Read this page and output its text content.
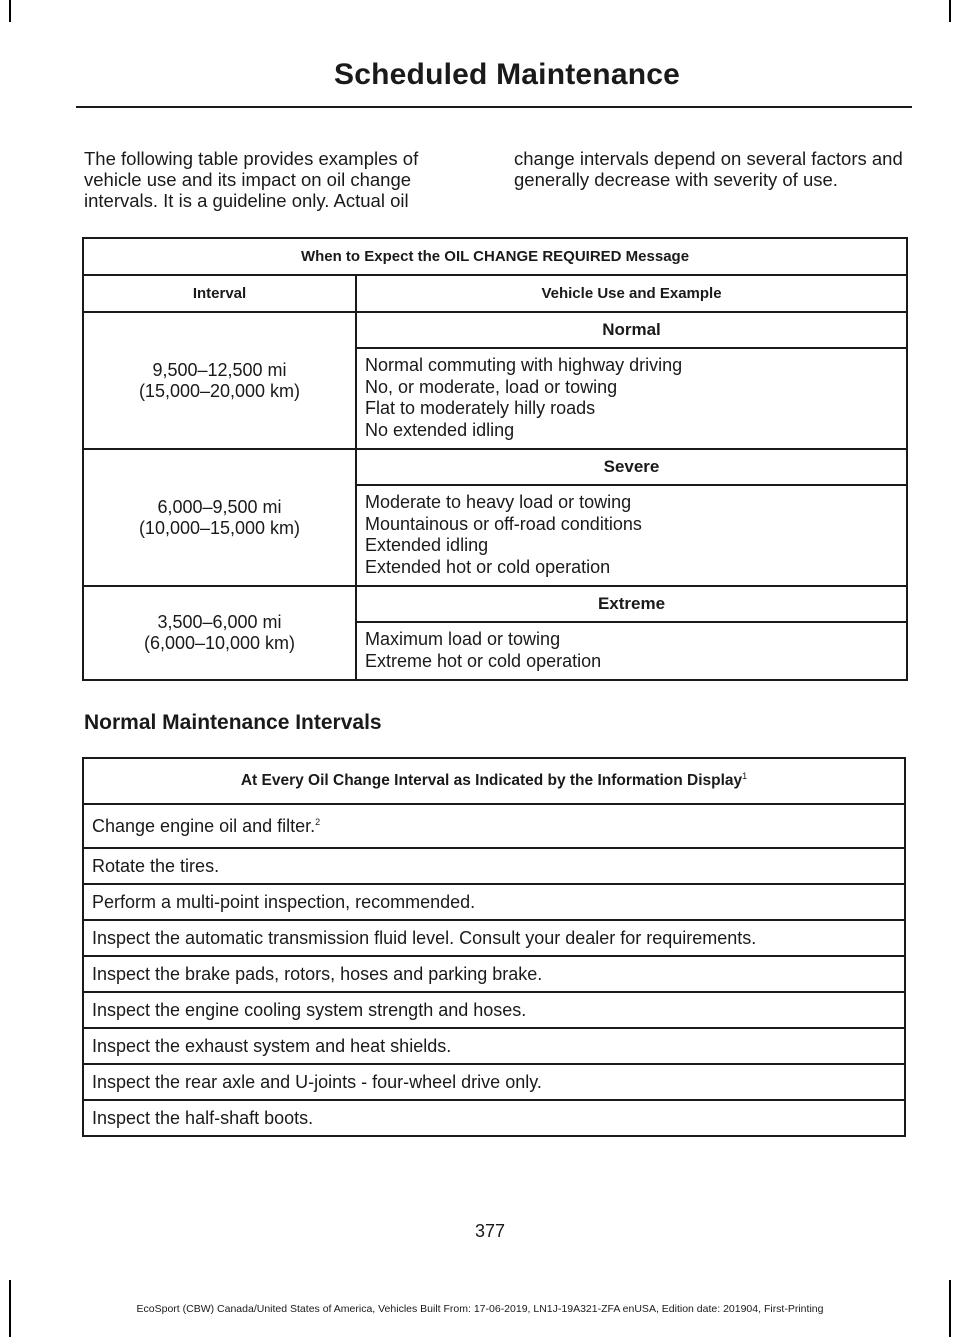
Scheduled Maintenance

The following table provides examples of vehicle use and its impact on oil change intervals. It is a guideline only. Actual oil

change intervals depend on several factors and generally decrease with severity of use.

When to Expect the OIL CHANGE REQUIRED Message	
Interval	Vehicle Use and Example

9,500–12,500 mi
(15,000–20,000 km)	Normal

	Normal commuting with highway driving
No, or moderate, load or towing
Flat to moderately hilly roads
No extended idling

6,000–9,500 mi
(10,000–15,000 km)	Severe

	Moderate to heavy load or towing
Mountainous or off-road conditions
Extended idling
Extended hot or cold operation

3,500–6,000 mi
(6,000–10,000 km)	Extreme

	Maximum load or towing
Extreme hot or cold operation
Normal Maintenance Intervals
At Every Oil Change Interval as Indicated by the Information Display$^1$
Change engine oil and filter.$^2$
Rotate the tires.
Perform a multi-point inspection, recommended.
Inspect the automatic transmission fluid level. Consult your dealer for requirements.
Inspect the brake pads, rotors, hoses and parking brake.
Inspect the engine cooling system strength and hoses.
Inspect the exhaust system and heat shields.
Inspect the rear axle and U-joints - four-wheel drive only.
Inspect the half-shaft boots.
377
EcoSport (CBW) Canada/United States of America, Vehicles Built From: 17-06-2019, LN1J-19A321-ZFA enUSA, Edition date: 201904, First-Printing
